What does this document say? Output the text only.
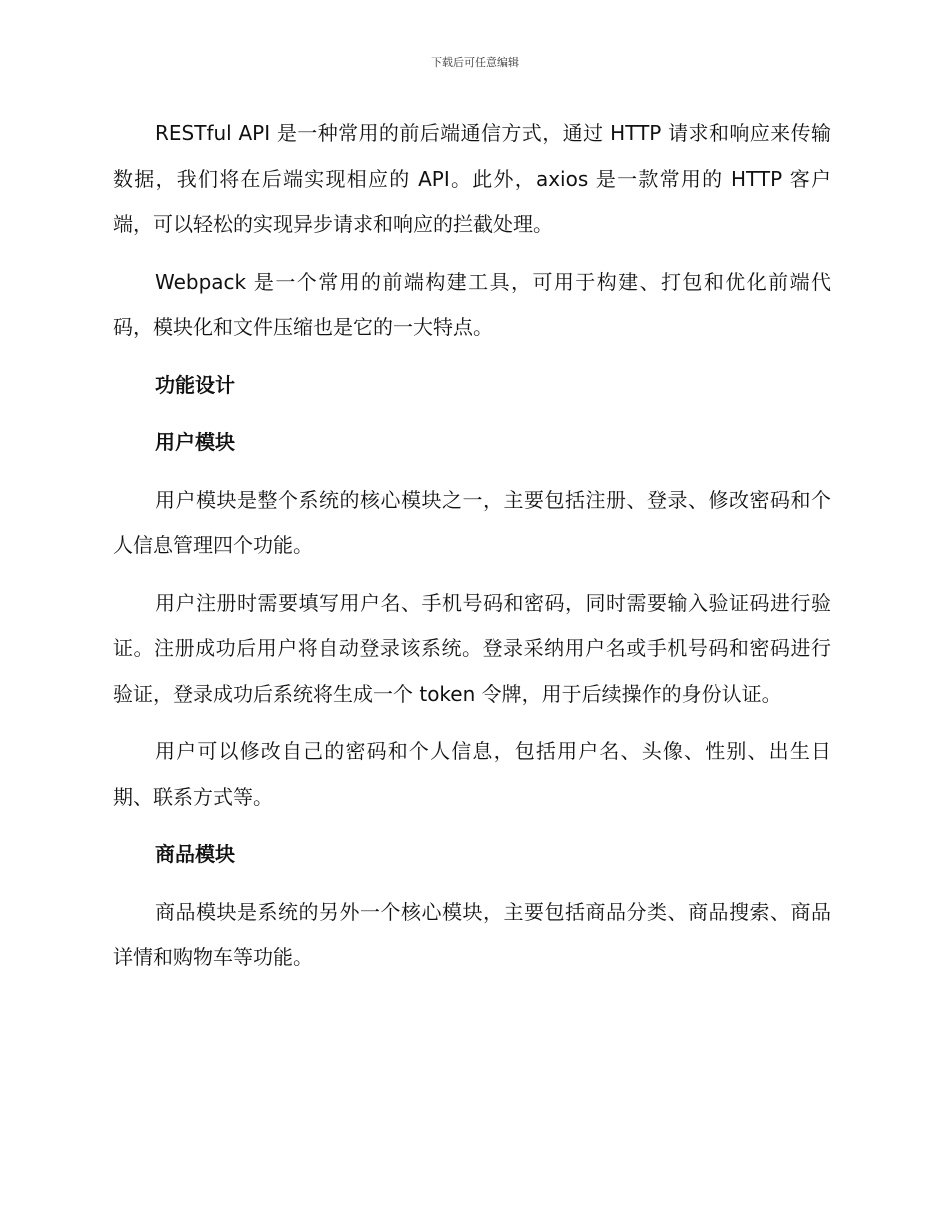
下载后可任意编辑

RESTful API 是一种常用的前后端通信方式，通过 HTTP 请求和响应来传输数据，我们将在后端实现相应的 API。此外，axios 是一款常用的 HTTP 客户端，可以轻松的实现异步请求和响应的拦截处理。

Webpack 是一个常用的前端构建工具，可用于构建、打包和优化前端代码，模块化和文件压缩也是它的一大特点。

功能设计

用户模块

用户模块是整个系统的核心模块之一，主要包括注册、登录、修改密码和个人信息管理四个功能。

用户注册时需要填写用户名、手机号码和密码，同时需要输入验证码进行验证。注册成功后用户将自动登录该系统。登录采纳用户名或手机号码和密码进行验证，登录成功后系统将生成一个 token 令牌，用于后续操作的身份认证。

用户可以修改自己的密码和个人信息，包括用户名、头像、性别、出生日期、联系方式等。

商品模块

商品模块是系统的另外一个核心模块，主要包括商品分类、商品搜索、商品详情和购物车等功能。
